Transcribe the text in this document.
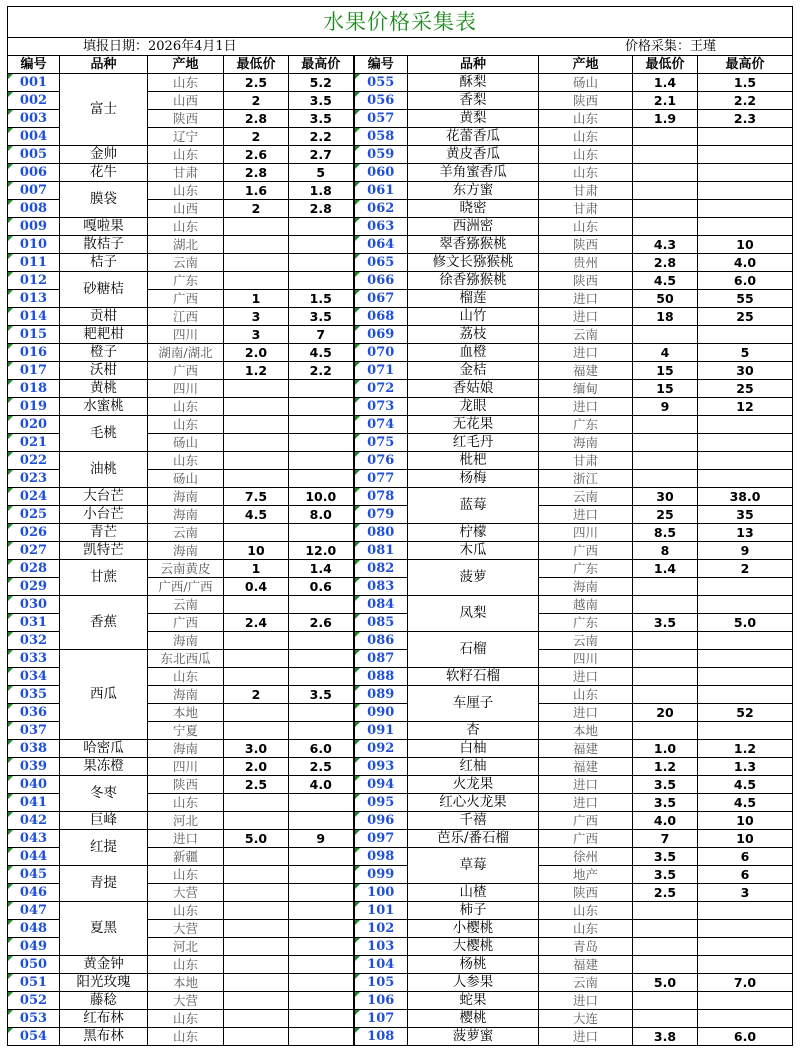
水果价格采集表									

填报日期：2026年4月1日 价格采集：王瑾									

编号	品种	产地	最低价	最高价	编号	品种	产地	最低价	最高价
001	富士	山东	2.5	5.2	055	酥梨	砀山	1.4	1.5
002		山西	2	3.5	056	香梨	陕西	2.1	2.2
003		陕西	2.8	3.5	057	黄梨	山东	1.9	2.3
004		辽宁	2	2.2	058	花蕾香瓜	山东		
005	金帅	山东	2.6	2.7	059	黄皮香瓜	山东		
006	花牛	甘肃	2.8	5	060	羊角蜜香瓜	山东		
007	膜袋	山东	1.6	1.8	061	东方蜜	甘肃		
008		山西	2	2.8	062	晓密	甘肃		
009	嘎啦果	山东			063	西洲密	山东		
010	散桔子	湖北			064	翠香猕猴桃	陕西	4.3	10
011	桔子	云南			065	修文长猕猴桃	贵州	2.8	4.0
012	砂糖桔	广东			066	徐香猕猴桃	陕西	4.5	6.0
013		广西	1	1.5	067	榴莲	进口	50	55
014	贡柑	江西	3	3.5	068	山竹	进口	18	25
015	耙耙柑	四川	3	7	069	荔枝	云南		
016	橙子	湖南/湖北	2.0	4.5	070	血橙	进口	4	5
017	沃柑	广西	1.2	2.2	071	金桔	福建	15	30
018	黄桃	四川			072	香姑娘	缅甸	15	25
019	水蜜桃	山东			073	龙眼	进口	9	12
020	毛桃	山东			074	无花果	广东		
021		砀山			075	红毛丹	海南		
022	油桃	山东			076	枇杷	甘肃		
023		砀山			077	杨梅	浙江		
024	大台芒	海南	7.5	10.0	078	蓝莓	云南	30	38.0
025	小台芒	海南	4.5	8.0	079		进口	25	35
026	青芒	云南			080	柠檬	四川	8.5	13
027	凯特芒	海南	10	12.0	081	木瓜	广西	8	9
028	甘蔗	云南黄皮	1	1.4	082	菠萝	广东	1.4	2
029		广西/广西	0.4	0.6	083		海南		
030	香蕉	云南			084	凤梨	越南		
031		广西	2.4	2.6	085		广东	3.5	5.0
032		海南			086	石榴	云南		
033	西瓜	东北西瓜			087		四川		
034		山东			088	软籽石榴	进口		
035		海南	2	3.5	089	车厘子	山东		
036		本地			090		进口	20	52
037		宁夏			091	杏	本地		
038	哈密瓜	海南	3.0	6.0	092	白柚	福建	1.0	1.2
039	果冻橙	四川	2.0	2.5	093	红柚	福建	1.2	1.3
040	冬枣	陕西	2.5	4.0	094	火龙果	进口	3.5	4.5
041		山东			095	红心火龙果	进口	3.5	4.5
042	巨峰	河北			096	千禧	广西	4.0	10
043	红提	进口	5.0	9	097	芭乐/番石榴	广西	7	10
044		新疆			098	草莓	徐州	3.5	6
045	青提	山东			099		地产	3.5	6
046		大营			100	山楂	陕西	2.5	3
047	夏黑	山东			101	柿子	山东		
048		大营			102	小樱桃	山东		
049		河北			103	大樱桃	青岛		
050	黄金钟	山东			104	杨桃	福建		
051	阳光玫瑰	本地			105	人参果	云南	5.0	7.0
052	藤稔	大营			106	蛇果	进口		
053	红布林	山东			107	樱桃	大连		
054	黑布林	山东			108	菠萝蜜	进口	3.8	6.0
